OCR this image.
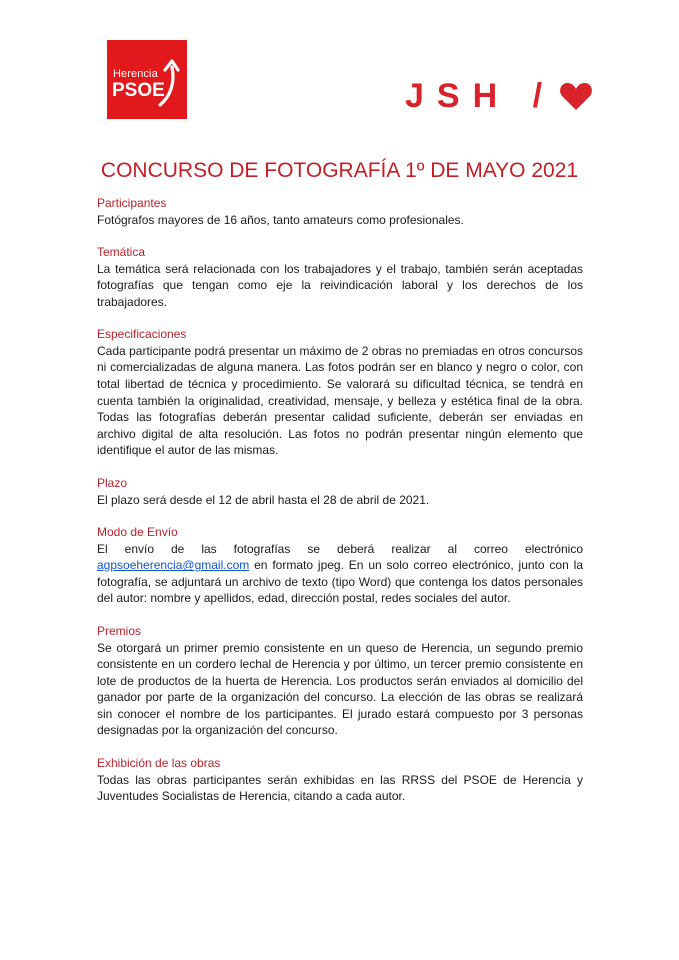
Herencia
PSOE	JSH /
CONCURSO DE FOTOGRAFÍA 1º DE MAYO 2021
Participantes

Fotógrafos mayores de 16 años, tanto amateurs como profesionales.

Temática

La temática será relacionada con los trabajadores y el trabajo, también serán aceptadas fotografías que tengan como eje la reivindicación laboral y los derechos de los trabajadores.

Especificaciones

Cada participante podrá presentar un máximo de 2 obras no premiadas en otros concursos ni comercializadas de alguna manera. Las fotos podrán ser en blanco y negro o color, con total libertad de técnica y procedimiento. Se valorará su dificultad técnica, se tendrá en cuenta también la originalidad, creatividad, mensaje, y belleza y estética final de la obra. Todas las fotografías deberán presentar calidad suficiente, deberán ser enviadas en archivo digital de alta resolución. Las fotos no podrán presentar ningún elemento que identifique el autor de las mismas.

Plazo

El plazo será desde el 12 de abril hasta el 28 de abril de 2021.

Modo de Envío

El envío de las fotografías se deberá realizar al correo electrónico agpsoeherencia@gmail.com en formato jpeg. En un solo correo electrónico, junto con la fotografía, se adjuntará un archivo de texto (tipo Word) que contenga los datos personales del autor: nombre y apellidos, edad, dirección postal, redes sociales del autor.

Premios

Se otorgará un primer premio consistente en un queso de Herencia, un segundo premio consistente en un cordero lechal de Herencia y por último, un tercer premio consistente en lote de productos de la huerta de Herencia. Los productos serán enviados al domicilio del ganador por parte de la organización del concurso. La elección de las obras se realizará sin conocer el nombre de los participantes. El jurado estará compuesto por 3 personas designadas por la organización del concurso.

Exhibición de las obras

Todas las obras participantes serán exhibidas en las RRSS del PSOE de Herencia y Juventudes Socialistas de Herencia, citando a cada autor.
